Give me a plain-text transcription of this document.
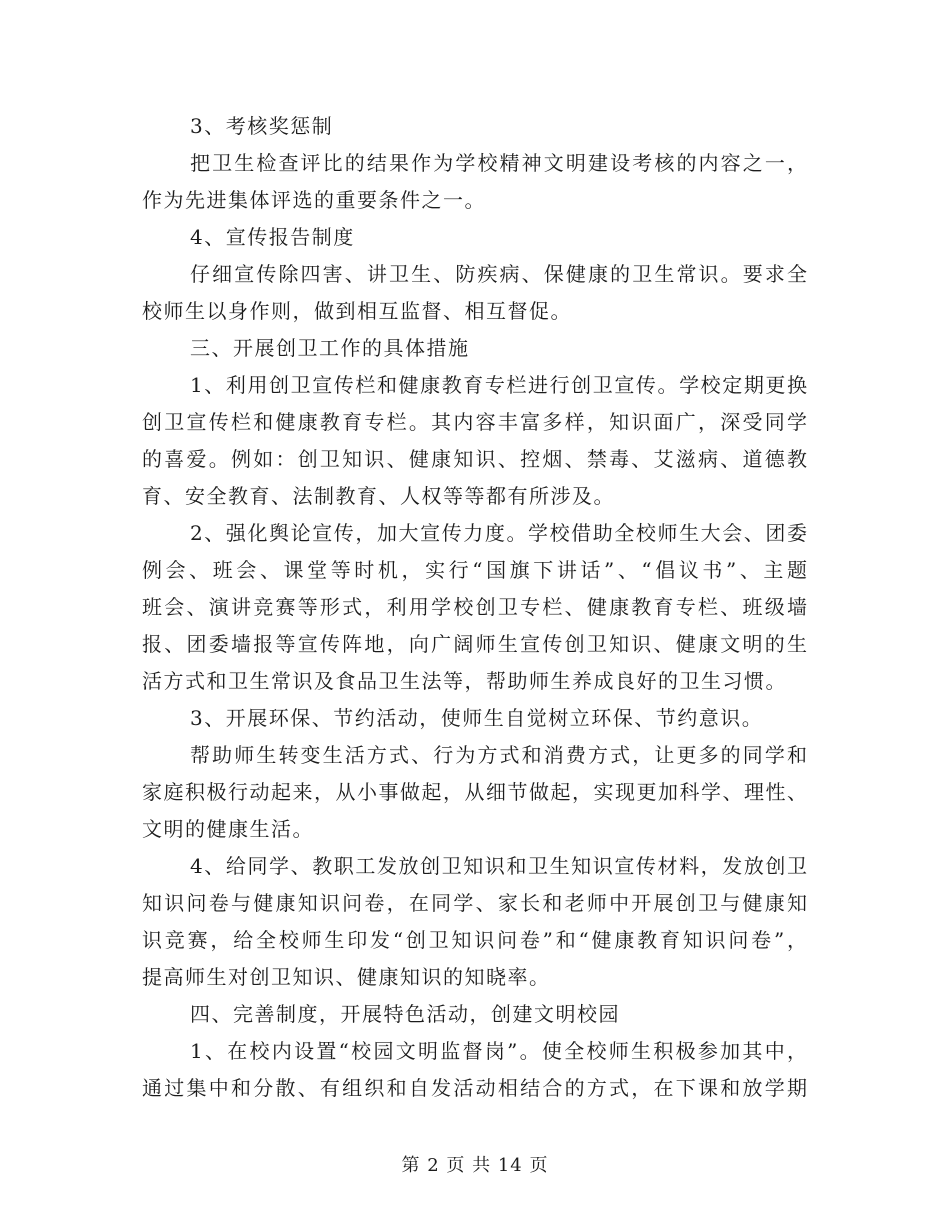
3、考核奖惩制
把卫生检查评比的结果作为学校精神文明建设考核的内容之一，
作为先进集体评选的重要条件之一。
4、宣传报告制度
仔细宣传除四害、讲卫生、防疾病、保健康的卫生常识。要求全
校师生以身作则，做到相互监督、相互督促。
三、开展创卫工作的具体措施
1、利用创卫宣传栏和健康教育专栏进行创卫宣传。学校定期更换
创卫宣传栏和健康教育专栏。其内容丰富多样，知识面广，深受同学
的喜爱。例如：创卫知识、健康知识、控烟、禁毒、艾滋病、道德教
育、安全教育、法制教育、人权等等都有所涉及。
2、强化舆论宣传，加大宣传力度。学校借助全校师生大会、团委
例会、班会、课堂等时机，实行“国旗下讲话”、“倡议书”、主题
班会、演讲竞赛等形式，利用学校创卫专栏、健康教育专栏、班级墙
报、团委墙报等宣传阵地，向广阔师生宣传创卫知识、健康文明的生
活方式和卫生常识及食品卫生法等，帮助师生养成良好的卫生习惯。
3、开展环保、节约活动，使师生自觉树立环保、节约意识。
帮助师生转变生活方式、行为方式和消费方式，让更多的同学和
家庭积极行动起来，从小事做起，从细节做起，实现更加科学、理性、
文明的健康生活。
4、给同学、教职工发放创卫知识和卫生知识宣传材料，发放创卫
知识问卷与健康知识问卷，在同学、家长和老师中开展创卫与健康知
识竞赛，给全校师生印发“创卫知识问卷”和“健康教育知识问卷”，
提高师生对创卫知识、健康知识的知晓率。
四、完善制度，开展特色活动，创建文明校园
1、在校内设置“校园文明监督岗”。使全校师生积极参加其中，
通过集中和分散、有组织和自发活动相结合的方式，在下课和放学期
第 2 页 共 14 页
